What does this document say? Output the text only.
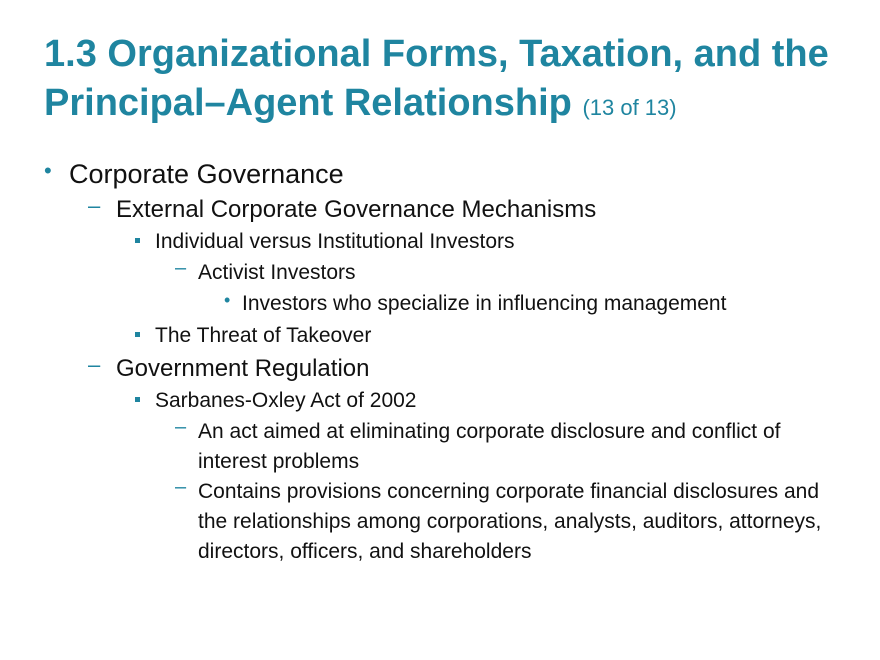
1.3 Organizational Forms, Taxation, and the Principal–Agent Relationship (13 of 13)
• Corporate Governance
– External Corporate Governance Mechanisms
Individual versus Institutional Investors
– Activist Investors
• Investors who specialize in influencing management
The Threat of Takeover
– Government Regulation
Sarbanes-Oxley Act of 2002
– An act aimed at eliminating corporate disclosure and conflict of interest problems
– Contains provisions concerning corporate financial disclosures and the relationships among corporations, analysts, auditors, attorneys, directors, officers, and shareholders
